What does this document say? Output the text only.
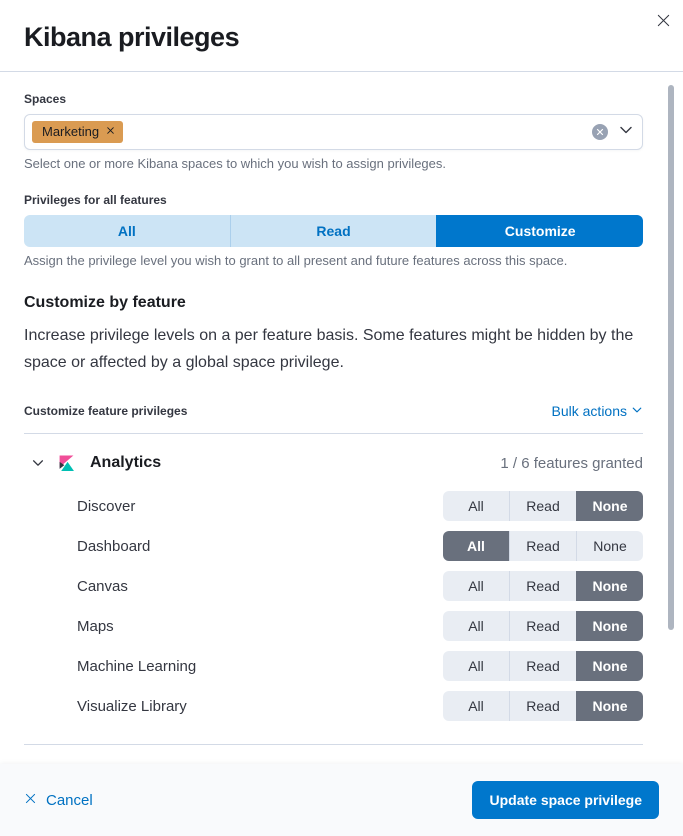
Kibana privileges
Spaces
Marketing
Select one or more Kibana spaces to which you wish to assign privileges.
Privileges for all features
All	Read	Customize
Assign the privilege level you wish to grant to all present and future features across this space.
Customize by feature

Increase privilege levels on a per feature basis. Some features might be hidden by the space or affected by a global space privilege.

Customize feature privileges	Bulk actions
Analytics	1 / 6 features granted
Discover	All	Read	None
Dashboard	All	Read	None
Canvas	All	Read	None
Maps	All	Read	None
Machine Learning	All	Read	None
Visualize Library	All	Read	None
Cancel	Update space privilege
